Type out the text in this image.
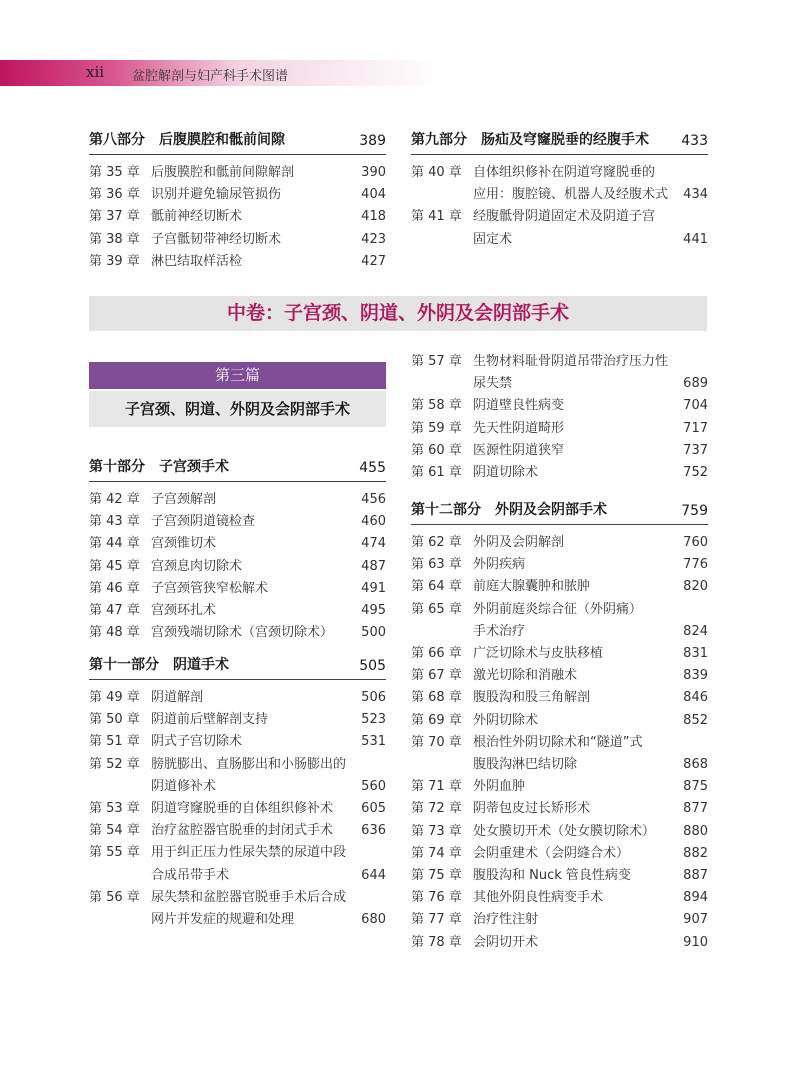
xii 盆腔解剖与妇产科手术图谱
第八部分 后腹膜腔和骶前间隙	389
第 35 章 后腹膜腔和骶前间隙解剖	390
第 36 章 识别并避免输尿管损伤	404
第 37 章 骶前神经切断术	418
第 38 章 子宫骶韧带神经切断术	423
第 39 章 淋巴结取样活检	427
第九部分 肠疝及穹窿脱垂的经腹手术 433
第 40 章 自体组织修补在阴道穹窿脱垂的
应用：腹腔镜、机器人及经腹术式	434
第 41 章 经腹骶骨阴道固定术及阴道子宫
固定术	441
中卷：子宫颈、阴道、外阴及会阴部手术
第三篇
子宫颈、阴道、外阴及会阴部手术
第十部分 子宫颈手术	455
第 42 章 子宫颈解剖	456
第 43 章 子宫颈阴道镜检查	460
第 44 章 宫颈锥切术	474
第 45 章 宫颈息肉切除术	487
第 46 章 子宫颈管狭窄松解术	491
第 47 章 宫颈环扎术	495
第 48 章 宫颈残端切除术（宫颈切除术）	500
第十一部分 阴道手术	505
第 49 章 阴道解剖	506
第 50 章 阴道前后壁解剖支持	523
第 51 章 阴式子宫切除术	531
第 52 章 膀胱膨出、直肠膨出和小肠膨出的
阴道修补术	560
第 53 章 阴道穹窿脱垂的自体组织修补术	605
第 54 章 治疗盆腔器官脱垂的封闭式手术	636
第 55 章 用于纠正压力性尿失禁的尿道中段
合成吊带手术	644
第 56 章 尿失禁和盆腔器官脱垂手术后合成
网片并发症的规避和处理	680
第 57 章 生物材料耻骨阴道吊带治疗压力性
尿失禁	689
第 58 章 阴道壁良性病变	704
第 59 章 先天性阴道畸形	717
第 60 章 医源性阴道狭窄	737
第 61 章 阴道切除术	752
第十二部分 外阴及会阴部手术	759
第 62 章 外阴及会阴解剖	760
第 63 章 外阴疾病	776
第 64 章 前庭大腺囊肿和脓肿	820
第 65 章 外阴前庭炎综合征（外阴痛）
手术治疗	824
第 66 章 广泛切除术与皮肤移植	831
第 67 章 激光切除和消融术	839
第 68 章 腹股沟和股三角解剖	846
第 69 章 外阴切除术	852
第 70 章 根治性外阴切除术和“隧道”式
腹股沟淋巴结切除	868
第 71 章 外阴血肿	875
第 72 章 阴蒂包皮过长矫形术	877
第 73 章 处女膜切开术（处女膜切除术）	880
第 74 章 会阴重建术（会阴缝合术）	882
第 75 章 腹股沟和 Nuck 管良性病变	887
第 76 章 其他外阴良性病变手术	894
第 77 章 治疗性注射	907
第 78 章 会阴切开术	910
